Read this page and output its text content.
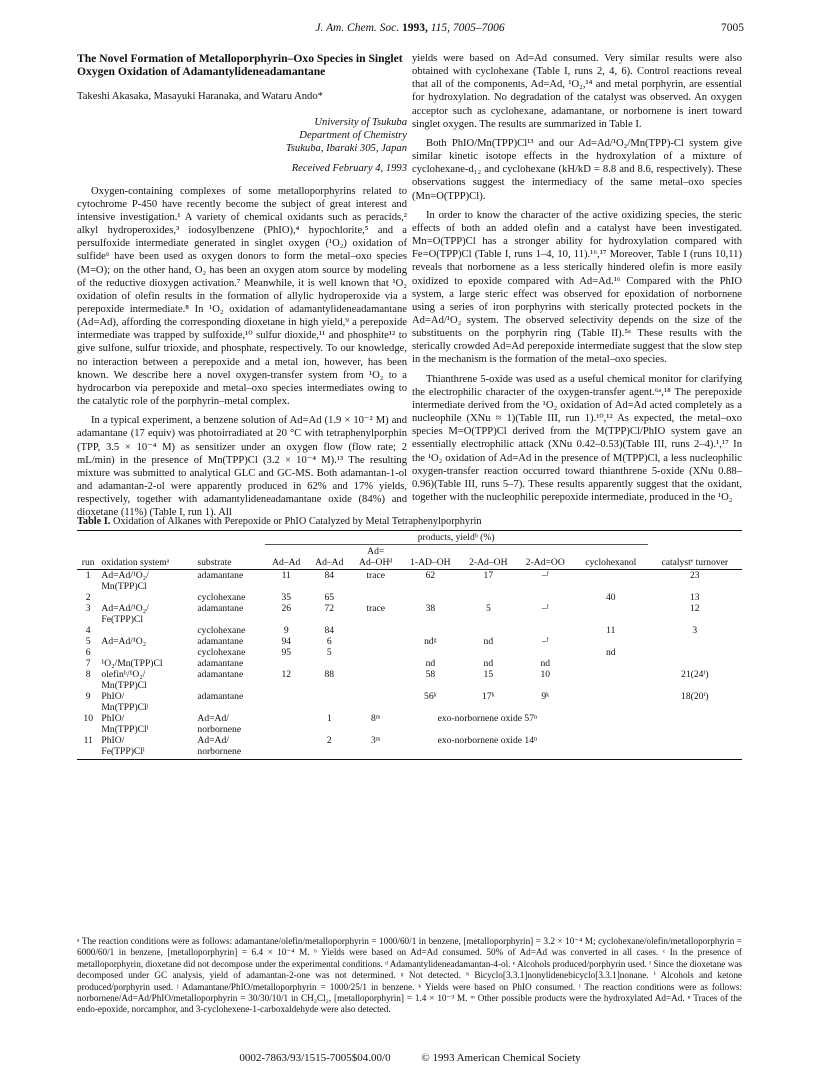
J. Am. Chem. Soc. 1993, 115, 7005–7006	7005
The Novel Formation of Metalloporphyrin–Oxo Species in Singlet Oxygen Oxidation of Adamantylideneadamantane
Takeshi Akasaka, Masayuki Haranaka, and Wataru Ando*
University of Tsukuba
Department of Chemistry
Tsukuba, Ibaraki 305, Japan
Received February 4, 1993

Oxygen-containing complexes of some metalloporphyrins related to cytochrome P-450 have recently become the subject of great interest and intensive investigation.¹ A variety of chemical oxidants such as peracids,² alkyl hydroperoxides,³ iodosylbenzene (PhIO),⁴ hypochlorite,⁵ and a persulfoxide intermediate generated in singlet oxygen (¹O₂) oxidation of sulfide⁶ have been used as oxygen donors to form the metal–oxo species (M=O); on the other hand, O₂ has been an oxygen atom source by modeling of the reductive dioxygen activation.⁷ Meanwhile, it is well known that ¹O₂ oxidation of olefin results in the formation of allylic hydroperoxide via a perepoxide intermediate.⁸ In ¹O₂ oxidation of adamantylideneadamantane (Ad=Ad), affording the corresponding dioxetane in high yield,⁹ a perepoxide intermediate was trapped by sulfoxide,¹⁰ sulfur dioxide,¹¹ and phosphite¹² to give sulfone, sulfur trioxide, and phosphate, respectively. To our knowledge, no interaction between a perepoxide and a metal ion, however, has been known. We describe here a novel oxygen-transfer system from ¹O₂ to a hydrocarbon via perepoxide and metal–oxo species intermediates owing to the catalytic role of the porphyrin–metal complex.

In a typical experiment, a benzene solution of Ad=Ad (1.9 × 10⁻² M) and adamantane (17 equiv) was photoirradiated at 20 °C with tetraphenylporphin (TPP, 3.5 × 10⁻⁴ M) as sensitizer under an oxygen flow (flow rate; 2 mL/min) in the presence of Mn(TPP)Cl (3.2 × 10⁻⁴ M).¹³ The resulting mixture was submitted to analytical GLC and GC-MS. Both adamantan-1-ol and adamantan-2-ol were apparently produced in 62% and 17% yields, respectively, together with adamantylideneadamantane oxide (84%) and dioxetane (11%) (Table I, run 1). All

yields were based on Ad=Ad consumed. Very similar results were also obtained with cyclohexane (Table I, runs 2, 4, 6). Control reactions reveal that all of the components, Ad=Ad, ¹O₂,¹⁴ and metal porphyrin, are essential for hydroxylation. No degradation of the catalyst was observed. An oxygen acceptor such as cyclohexane, adamantane, or norbornene is inert toward singlet oxygen. The results are summarized in Table I.

Both PhIO/Mn(TPP)Cl¹³ and our Ad=Ad/¹O₂/Mn(TPP)-Cl system give similar kinetic isotope effects in the hydroxylation of a mixture of cyclohexane-d₁₂ and cyclohexane (kH/kD = 8.8 and 8.6, respectively). These observations suggest the intermediacy of the same metal–oxo species (Mn=O(TPP)Cl).

In order to know the character of the active oxidizing species, the steric effects of both an added olefin and a catalyst have been investigated. Mn=O(TPP)Cl has a stronger ability for hydroxylation compared with Fe=O(TPP)Cl (Table I, runs 1–4, 10, 11).¹⁶,¹⁷ Moreover, Table I (runs 10,11) reveals that norbornene as a less sterically hindered olefin is more easily oxidized to epoxide compared with Ad=Ad.¹⁶ Compared with the PhIO system, a large steric effect was observed for epoxidation of norbornene using a series of iron porphyrins with sterically protected pockets in the Ad=Ad/¹O₂ system. The observed selectivity depends on the size of the substituents on the porphyrin ring (Table II).⁵ᵃ These results with the sterically crowded Ad=Ad perepoxide intermediate suggest that the slow step in the mechanism is the formation of the metal–oxo species.

Thianthrene 5-oxide was used as a useful chemical monitor for clarifying the electrophilic character of the oxygen-transfer agent.⁶ᵃ,¹⁸ The perepoxide intermediate derived from the ¹O₂ oxidation of Ad=Ad acted completely as a nucleophile (XNu ≈ 1)(Table III, run 1).¹⁰,¹² As expected, the metal–oxo species M=O(TPP)Cl derived from the M(TPP)Cl/PhIO system gave an essentially electrophilic attack (XNu 0.42–0.53)(Table III, runs 2–4).¹,¹⁷ In the ¹O₂ oxidation of Ad=Ad in the presence of M(TPP)Cl, a less nucleophilic oxygen-transfer reaction occurred toward thianthrene 5-oxide (XNu 0.88–0.96)(Table III, runs 5–7). These results apparently suggest that the oxidant, together with the nucleophilic perepoxide intermediate, produced in the ¹O₂

Table I. Oxidation of Alkanes with Perepoxide or PhIO Catalyzed by Metal Tetraphenylporphyrin
			products, yieldᵇ (%)							
run	oxidation systemᵃ	substrate	Ad–Ad	Ad–Ad	Ad=
Ad–OHᵈ	1-AD–OH	2-Ad–OH	2-Ad=OO	cyclohexanol	catalystᵉ turnover
1	Ad=Ad/¹O₂/
Mn(TPP)Cl	adamantane	11	84	trace	62	17	–ᶠ		23
2		cyclohexane	35	65					40	13
3	Ad=Ad/¹O₂/
Fe(TPP)Cl	adamantane	26	72	trace	38	5	–ᶠ		12
4		cyclohexane	9	84					11	3
5	Ad=Ad/¹O₂	adamantane	94	6		ndᵍ	nd	–ᶠ		
6		cyclohexane	95	5					nd	
7	¹O₂/Mn(TPP)Cl	adamantane				nd	nd	nd		
8	olefinʰ/¹O₂/
Mn(TPP)Cl	adamantane	12	88		58	15	10		21(24ⁱ)
9	PhIO/
Mn(TPP)Clʲ	adamantane				56ᵏ	17ᵏ	9ᵏ		18(20ⁱ)
10	PhIO/
Mn(TPP)Clˡ	Ad=Ad/
norbornene		1	8ᵐ	exo-norbornene oxide 57ⁿ				
11	PhIO/
Fe(TPP)Clˡ	Ad=Ad/
norbornene		2	3ᵐ	exo-norbornene oxide 14ⁿ				
ᵃ The reaction conditions were as follows: adamantane/olefin/metalloporphyrin = 1000/60/1 in benzene, [metalloporphyrin] = 3.2 × 10⁻⁴ M; cyclohexane/olefin/metalloporphyrin = 6000/60/1 in benzene, [metalloporphyrin] = 6.4 × 10⁻⁴ M. ᵇ Yields were based on Ad=Ad consumed. 50% of Ad=Ad was converted in all cases. ᶜ In the presence of metalloporphyrin, dioxetane did not decompose under the experimental conditions. ᵈ Adamantylideneadamantan-4-ol. ᵉ Alcohols produced/porphyrin used. ᶠ Since the dioxetane was decomposed under GC analysis, yield of adamantan-2-one was not determined. ᵍ Not detected. ʰ Bicyclo[3.3.1]nonylidenebicyclo[3.3.1]nonane. ⁱ Alcohols and ketone produced/porphyrin used. ʲ Adamantane/PhIO/metalloporphyrin = 1000/25/1 in benzene. ᵏ Yields were based on PhIO consumed. ˡ The reaction conditions were as follows: norbornene/Ad=Ad/PhIO/metalloporphyrin = 30/30/10/1 in CH₂Cl₂, [metalloporphyrin] = 1.4 × 10⁻³ M. ᵐ Other possible products were the hydroxylated Ad=Ad. ⁿ Traces of the endo-epoxide, norcamphor, and 3-cyclohexene-1-carboxaldehyde were also detected.
0002-7863/93/1515-7005$04.00/0	© 1993 American Chemical Society
